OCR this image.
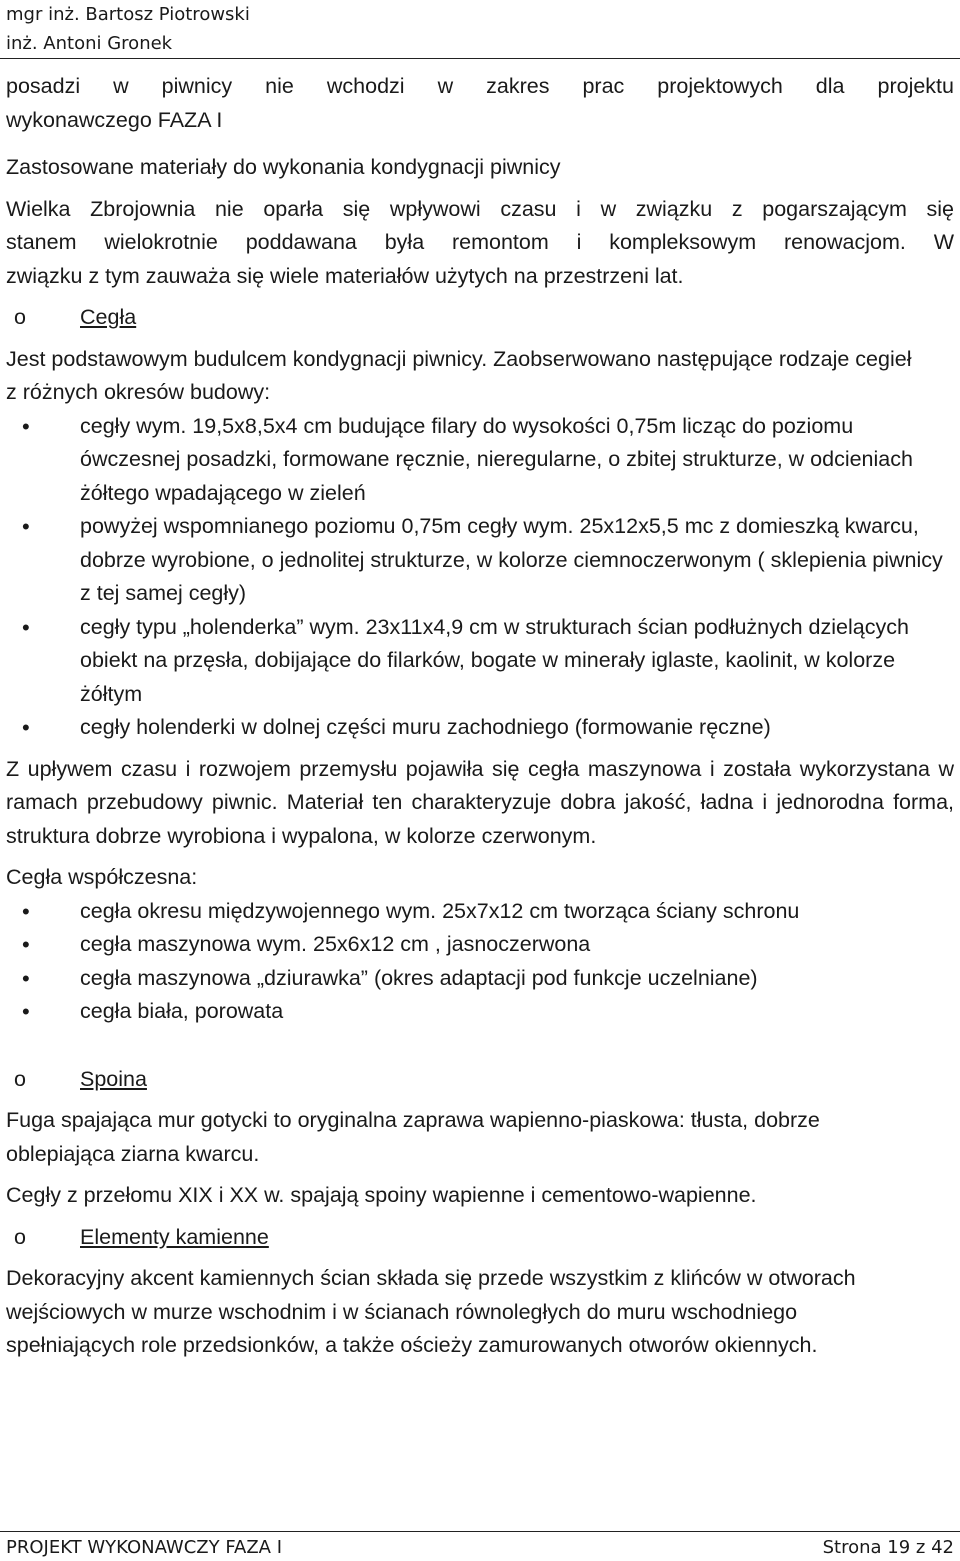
mgr inż. Bartosz Piotrowski
inż. Antoni Gronek

posadzi w piwnicy nie wchodzi w zakres prac projektowych dla projektu

wykonawczego FAZA I

Zastosowane materiały do wykonania kondygnacji piwnicy

Wielka Zbrojownia nie oparła się wpływowi czasu i w związku z pogarszającym się

stanem wielokrotnie poddawana była remontom i kompleksowym renowacjom. W

związku z tym zauważa się wiele materiałów użytych na przestrzeni lat.

o	Cegła

Jest podstawowym budulcem kondygnacji piwnicy. Zaobserwowano następujące rodzaje cegieł z różnych okresów budowy:

• cegły wym. 19,5x8,5x4 cm budujące filary do wysokości 0,75m licząc do poziomu ówczesnej posadzki, formowane ręcznie, nieregularne, o zbitej strukturze, w odcieniach żółtego wpadającego w zieleń
• powyżej wspomnianego poziomu 0,75m cegły wym. 25x12x5,5 mc z domieszką kwarcu, dobrze wyrobione, o jednolitej strukturze, w kolorze ciemnoczerwonym ( sklepienia piwnicy z tej samej cegły)
• cegły typu „holenderka” wym. 23x11x4,9 cm w strukturach ścian podłużnych dzielących obiekt na przęsła, dobijające do filarków, bogate w minerały iglaste, kaolinit, w kolorze żółtym
• cegły holenderki w dolnej części muru zachodniego (formowanie ręczne)

Z upływem czasu i rozwojem przemysłu pojawiła się cegła maszynowa i została wykorzystana w ramach przebudowy piwnic. Materiał ten charakteryzuje dobra jakość, ładna i jednorodna forma, struktura dobrze wyrobiona i wypalona, w kolorze czerwonym.

Cegła współczesna:

• cegła okresu międzywojennego wym. 25x7x12 cm tworząca ściany schronu
• cegła maszynowa wym. 25x6x12 cm , jasnoczerwona
• cegła maszynowa „dziurawka” (okres adaptacji pod funkcje uczelniane)
• cegła biała, porowata
o	Spoina

Fuga spajająca mur gotycki to oryginalna zaprawa wapienno-piaskowa: tłusta, dobrze oblepiająca ziarna kwarcu.

Cegły z przełomu XIX i XX w. spajają spoiny wapienne i cementowo-wapienne.

o	Elementy kamienne

Dekoracyjny akcent kamiennych ścian składa się przede wszystkim z klińców w otworach wejściowych w murze wschodnim i w ścianach równoległych do muru wschodniego spełniających role przedsionków, a także ościeży zamurowanych otworów okiennych.

PROJEKT WYKONAWCZY FAZA I	Strona 19 z 42
